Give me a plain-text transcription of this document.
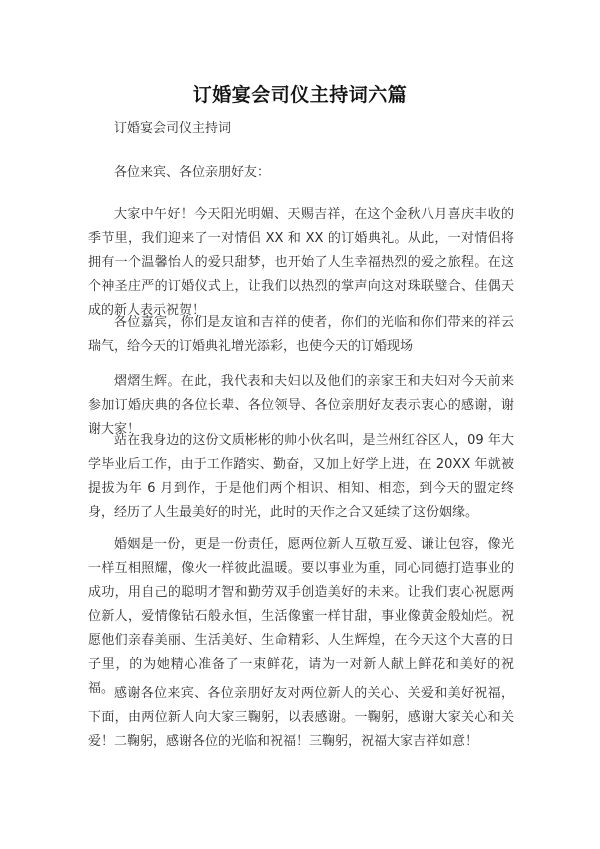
订婚宴会司仪主持词六篇

订婚宴会司仪主持词

各位来宾、各位亲朋好友：

大家中午好！今天阳光明媚、天赐吉祥，在这个金秋八月喜庆丰收的季节里，我们迎来了一对情侣 XX 和 XX 的订婚典礼。从此，一对情侣将拥有一个温馨怡人的爱只甜梦，也开始了人生幸福热烈的爱之旅程。在这个神圣庄严的订婚仪式上，让我们以热烈的掌声向这对珠联璧合、佳偶天成的新人表示祝贺！

各位嘉宾，你们是友谊和吉祥的使者，你们的光临和你们带来的祥云瑞气，给今天的订婚典礼增光添彩，也使今天的订婚现场

熠熠生辉。在此，我代表和夫妇以及他们的亲家王和夫妇对今天前来参加订婚庆典的各位长辈、各位领导、各位亲朋好友表示衷心的感谢，谢谢大家！

站在我身边的这份文质彬彬的帅小伙名叫，是兰州红谷区人，09 年大学毕业后工作，由于工作踏实、勤奋，又加上好学上进，在 20XX 年就被提拔为年 6 月到作，于是他们两个相识、相知、相恋，到今天的盟定终身，经历了人生最美好的时光，此时的天作之合又延续了这份姻缘。

婚姻是一份，更是一份责任，愿两位新人互敬互爱、谦让包容，像光一样互相照耀，像火一样彼此温暖。要以事业为重，同心同德打造事业的成功，用自己的聪明才智和勤劳双手创造美好的未来。让我们衷心祝愿两位新人，爱情像钻石般永恒，生活像蜜一样甘甜，事业像黄金般灿烂。祝愿他们亲春美丽、生活美好、生命精彩、人生辉煌，在今天这个大喜的日子里，的为她精心准备了一束鲜花，请为一对新人献上鲜花和美好的祝福。 感谢各位来宾、各位亲朋好友对两位新人的关心、关爱和美好祝福，下面，由两位新人向大家三鞠躬，以表感谢。一鞠躬，感谢大家关心和关爱！二鞠躬，感谢各位的光临和祝福！三鞠躬，祝福大家吉祥如意！
